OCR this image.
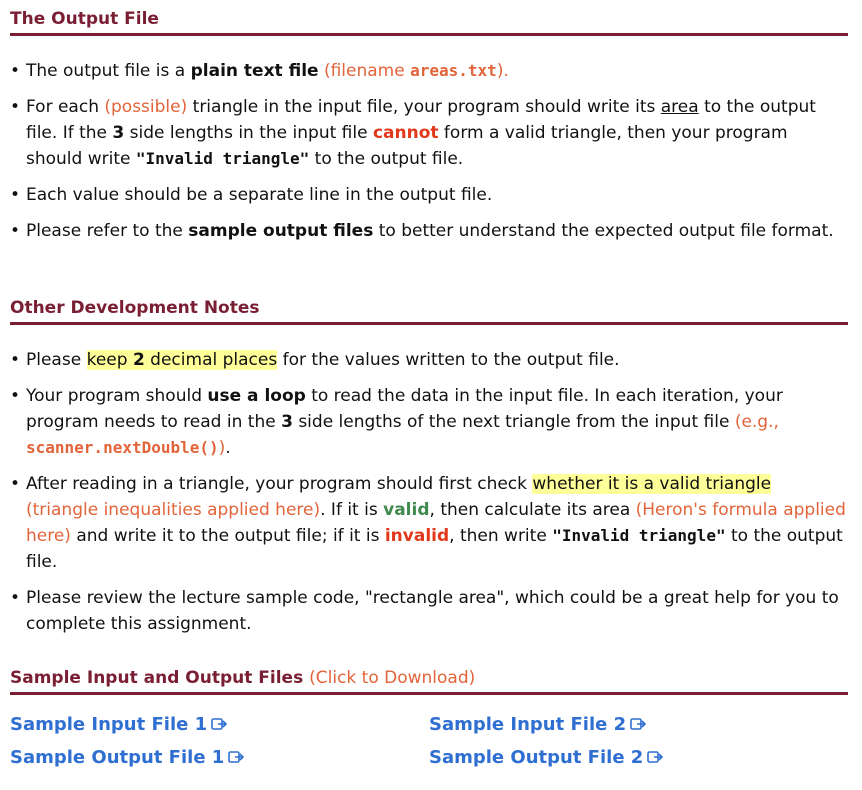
The Output File
• The output file is a plain text file (filename areas.txt).
• For each (possible) triangle in the input file, your program should write its area to the output file. If the 3 side lengths in the input file cannot form a valid triangle, then your program should write "Invalid triangle" to the output file.
• Each value should be a separate line in the output file.
• Please refer to the sample output files to better understand the expected output file format.
Other Development Notes
• Please keep 2 decimal places for the values written to the output file.
• Your program should use a loop to read the data in the input file. In each iteration, your program needs to read in the 3 side lengths of the next triangle from the input file (e.g., scanner.nextDouble()).
• After reading in a triangle, your program should first check whether it is a valid triangle (triangle inequalities applied here). If it is valid, then calculate its area (Heron's formula applied here) and write it to the output file; if it is invalid, then write "Invalid triangle" to the output file.
• Please review the lecture sample code, "rectangle area", which could be a great help for you to complete this assignment.
Sample Input and Output Files (Click to Download)
Sample Input File 1
Sample Output File 1
Sample Input File 2
Sample Output File 2
